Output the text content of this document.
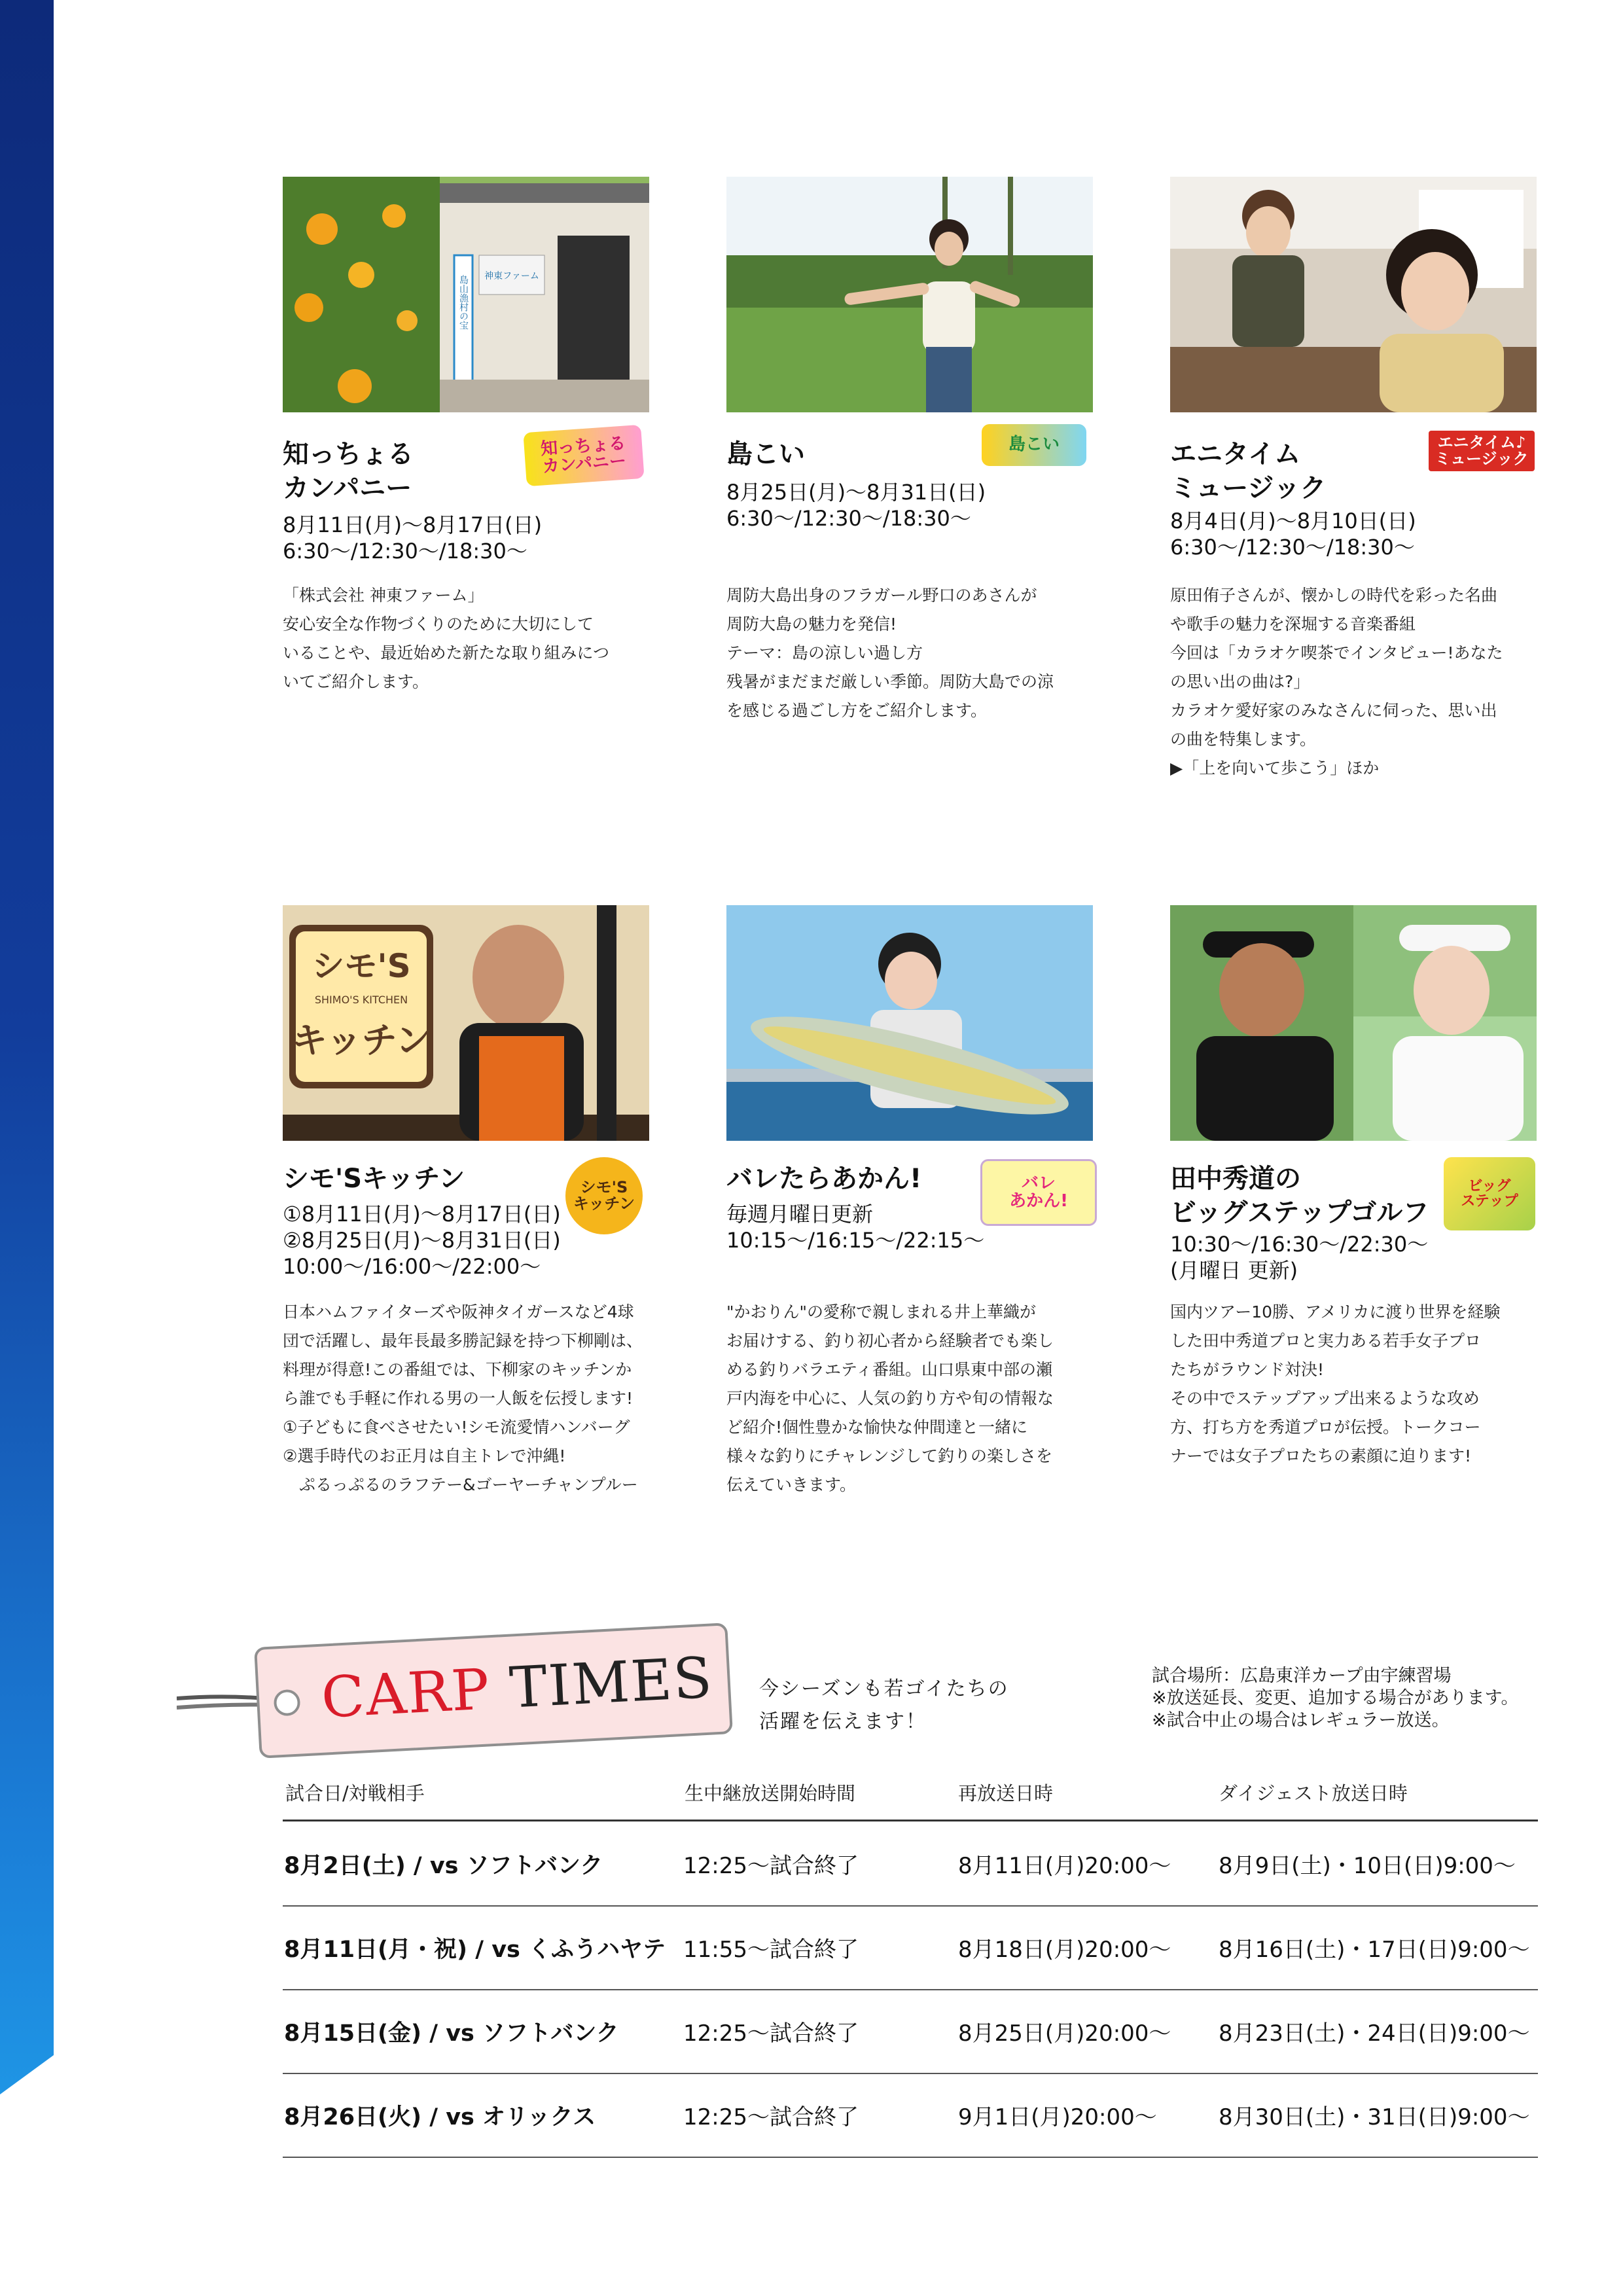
神東ファーム
島山漁村の宝
知っちょる
カンパニー
知っちょる
カンパニー
8月11日(月)〜8月17日(日)
6:30〜/12:30〜/18:30〜
「株式会社 神東ファーム」
安心安全な作物づくりのために大切にして
いることや、最近始めた新たな取り組みにつ
いてご紹介します。
島こい	島こい
8月25日(月)〜8月31日(日)
6:30〜/12:30〜/18:30〜
周防大島出身のフラガール野口のあさんが
周防大島の魅力を発信!
テーマ：島の涼しい過し方
残暑がまだまだ厳しい季節。周防大島での涼
を感じる過ごし方をご紹介します。
エニタイム
ミュージック
エニタイム♪
ミュージック
8月4日(月)〜8月10日(日)
6:30〜/12:30〜/18:30〜
原田侑子さんが、懐かしの時代を彩った名曲
や歌手の魅力を深堀する音楽番組
今回は「カラオケ喫茶でインタビュー!あなた
の思い出の曲は?」
カラオケ愛好家のみなさんに伺った、思い出
の曲を特集します。
▶「上を向いて歩こう」ほか
シモ'S
SHIMO'S KITCHEN
キッチン
シモ'Sキッチン	シモ'S
キッチン
①8月11日(月)〜8月17日(日)
②8月25日(月)〜8月31日(日)
10:00〜/16:00〜/22:00〜
日本ハムファイターズや阪神タイガースなど4球
団で活躍し、最年長最多勝記録を持つ下柳剛は、
料理が得意!この番組では、下柳家のキッチンか
ら誰でも手軽に作れる男の一人飯を伝授します!
①子どもに食べさせたい!シモ流愛情ハンバーグ
②選手時代のお正月は自主トレで沖縄!
　ぷるっぷるのラフテー&ゴーヤーチャンプルー
バレたらあかん!	バレ
あかん!
毎週月曜日更新
10:15〜/16:15〜/22:15〜
"かおりん"の愛称で親しまれる井上華織が
お届けする、釣り初心者から経験者でも楽し
める釣りバラエティ番組。山口県東中部の瀬
戸内海を中心に、人気の釣り方や旬の情報な
ど紹介!個性豊かな愉快な仲間達と一緒に
様々な釣りにチャレンジして釣りの楽しさを
伝えていきます。
田中秀道の
ビッグステップゴルフ
ビッグ
ステップ
10:30〜/16:30〜/22:30〜
(月曜日 更新)
国内ツアー10勝、アメリカに渡り世界を経験
した田中秀道プロと実力ある若手女子プロ
たちがラウンド対決!
その中でステップアップ出来るような攻め
方、打ち方を秀道プロが伝授。トークコー
ナーでは女子プロたちの素顔に迫ります!
CARP TIMES 今シーズンも若ゴイたちの
活躍を伝えます！
試合場所：広島東洋カープ由宇練習場
※放送延長、変更、追加する場合があります。
※試合中止の場合はレギュラー放送。
試合日/対戦相手	生中継放送開始時間	再放送日時	ダイジェスト放送日時
8月2日(土) / vs ソフトバンク	12:25〜試合終了	8月11日(月)20:00〜 8月9日(土)・10日(日)9:00〜
8月11日(月・祝) / vs くふうハヤテ 11:55〜試合終了	8月18日(月)20:00〜 8月16日(土)・17日(日)9:00〜
8月15日(金) / vs ソフトバンク	12:25〜試合終了	8月25日(月)20:00〜 8月23日(土)・24日(日)9:00〜
8月26日(火) / vs オリックス	12:25〜試合終了	9月1日(月)20:00〜	8月30日(土)・31日(日)9:00〜
